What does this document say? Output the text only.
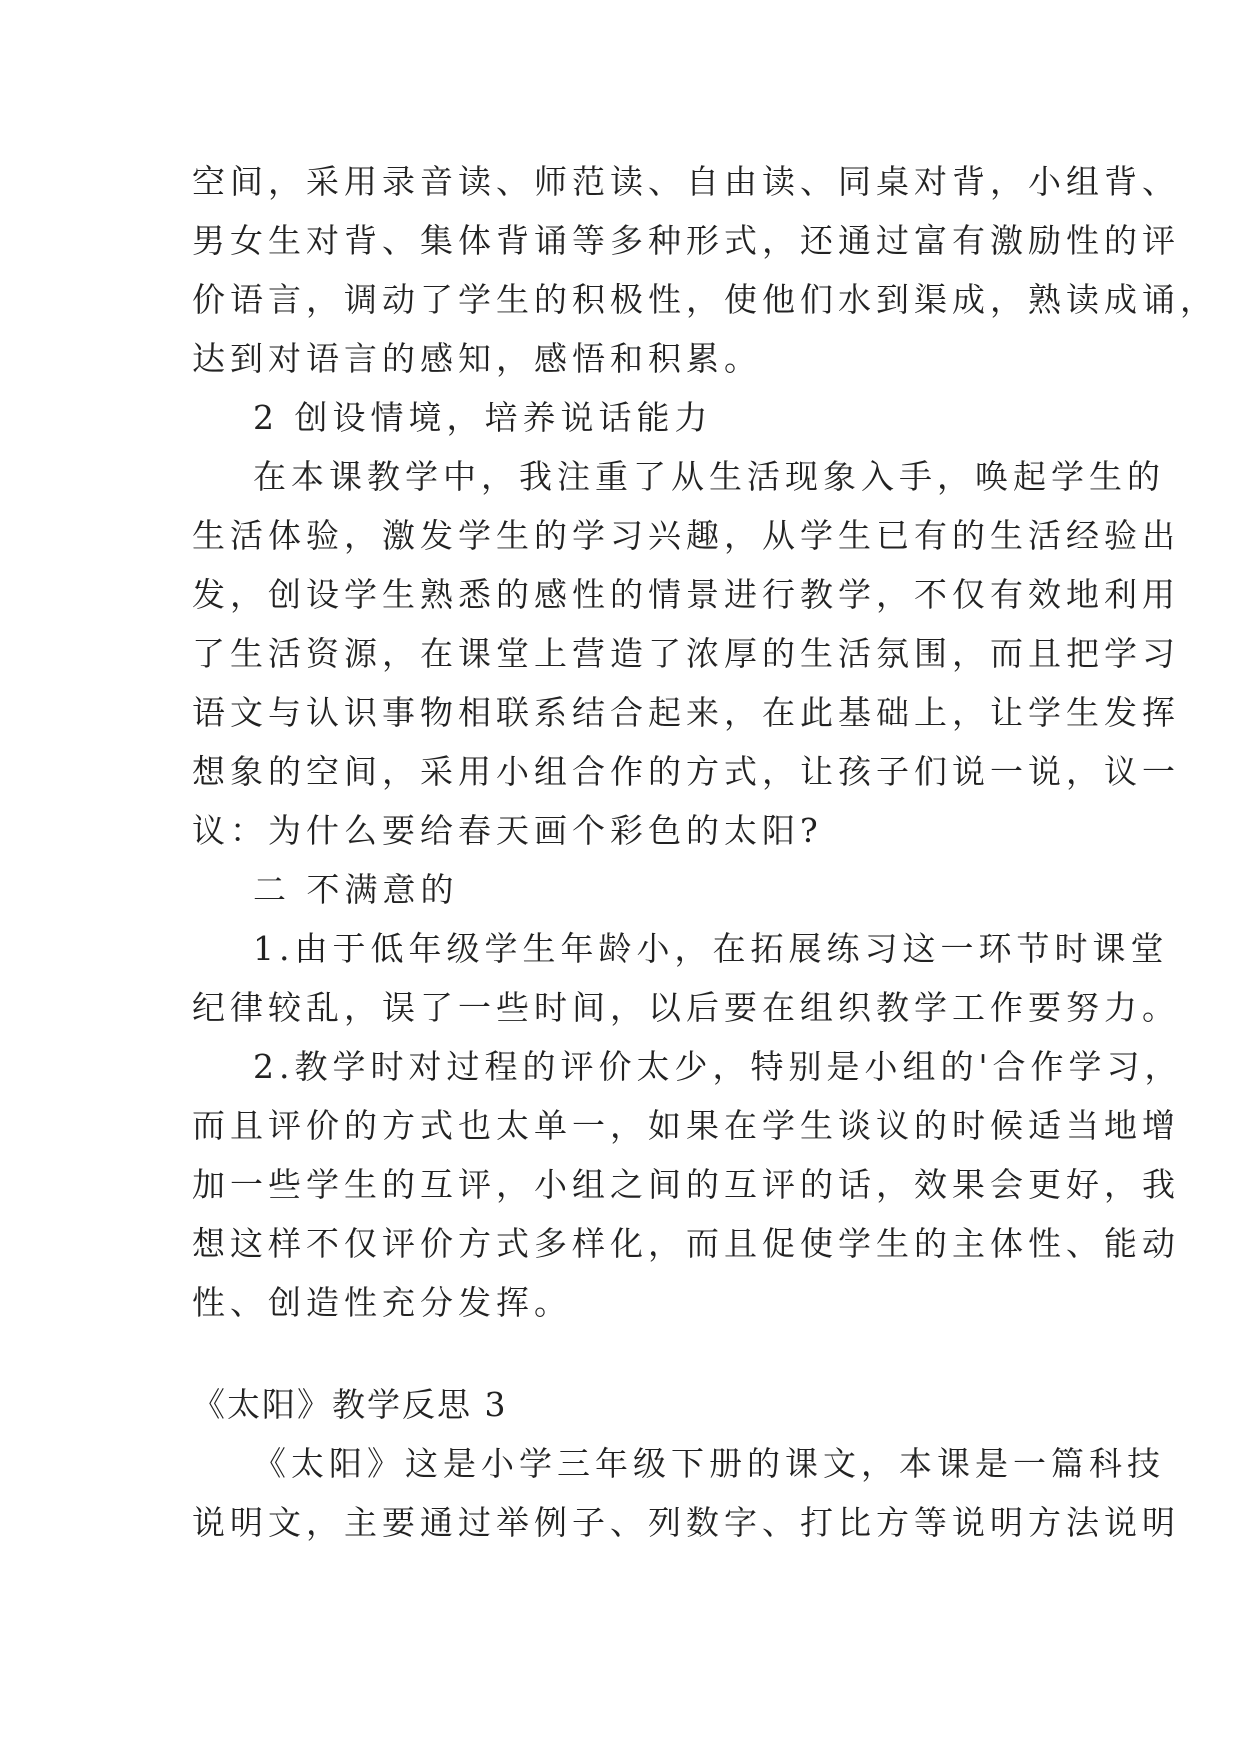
空间，采用录音读、师范读、自由读、同桌对背，小组背、
男女生对背、集体背诵等多种形式，还通过富有激励性的评
价语言，调动了学生的积极性，使他们水到渠成，熟读成诵，
达到对语言的感知，感悟和积累。
2 创设情境，培养说话能力
在本课教学中，我注重了从生活现象入手，唤起学生的
生活体验，激发学生的学习兴趣，从学生已有的生活经验出
发，创设学生熟悉的感性的情景进行教学，不仅有效地利用
了生活资源，在课堂上营造了浓厚的生活氛围，而且把学习
语文与认识事物相联系结合起来，在此基础上，让学生发挥
想象的空间，采用小组合作的方式，让孩子们说一说，议一
议：为什么要给春天画个彩色的太阳?
二 不满意的
1.由于低年级学生年龄小，在拓展练习这一环节时课堂
纪律较乱，误了一些时间，以后要在组织教学工作要努力。
2.教学时对过程的评价太少，特别是小组的'合作学习，
而且评价的方式也太单一，如果在学生谈议的时候适当地增
加一些学生的互评，小组之间的互评的话，效果会更好，我
想这样不仅评价方式多样化，而且促使学生的主体性、能动
性、创造性充分发挥。
《太阳》教学反思 3
《太阳》这是小学三年级下册的课文，本课是一篇科技
说明文，主要通过举例子、列数字、打比方等说明方法说明
